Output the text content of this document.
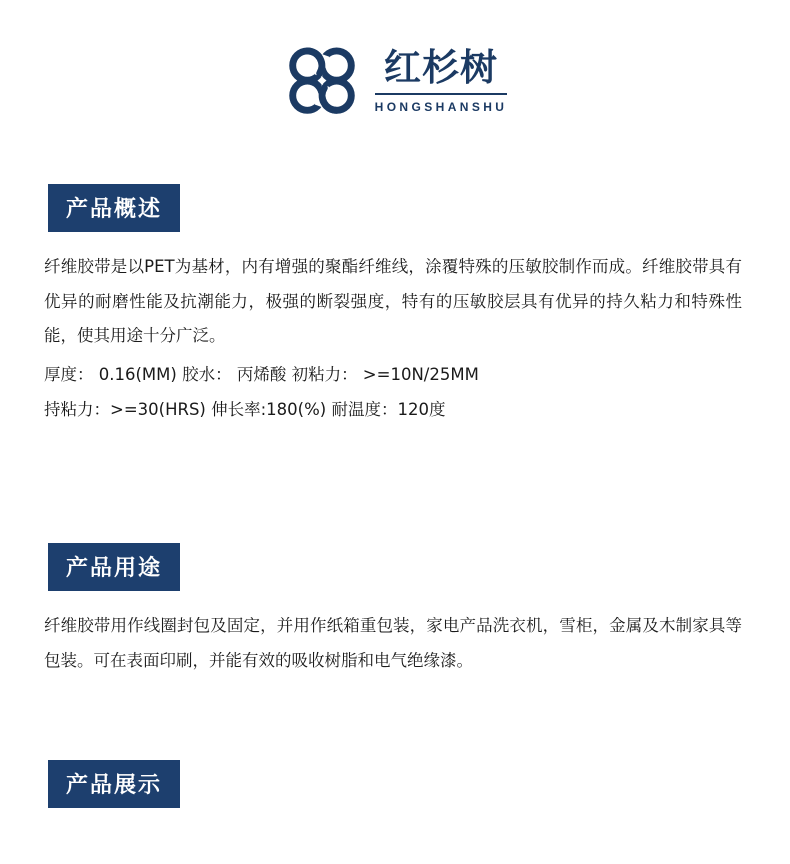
红杉树
HONGSHANSHU
产品概述

纤维胶带是以PET为基材，内有增强的聚酯纤维线，涂覆特殊的压敏胶制作而成。纤维胶带具有优异的耐磨性能及抗潮能力，极强的断裂强度，特有的压敏胶层具有优异的持久粘力和特殊性能，使其用途十分广泛。

厚度： 0.16(MM) 胶水： 丙烯酸 初粘力： >=10N/25MM

持粘力：>=30(HRS) 伸长率:180(%) 耐温度：120度

产品用途

纤维胶带用作线圈封包及固定，并用作纸箱重包装，家电产品洗衣机，雪柜，金属及木制家具等包装。可在表面印刷，并能有效的吸收树脂和电气绝缘漆。

产品展示
